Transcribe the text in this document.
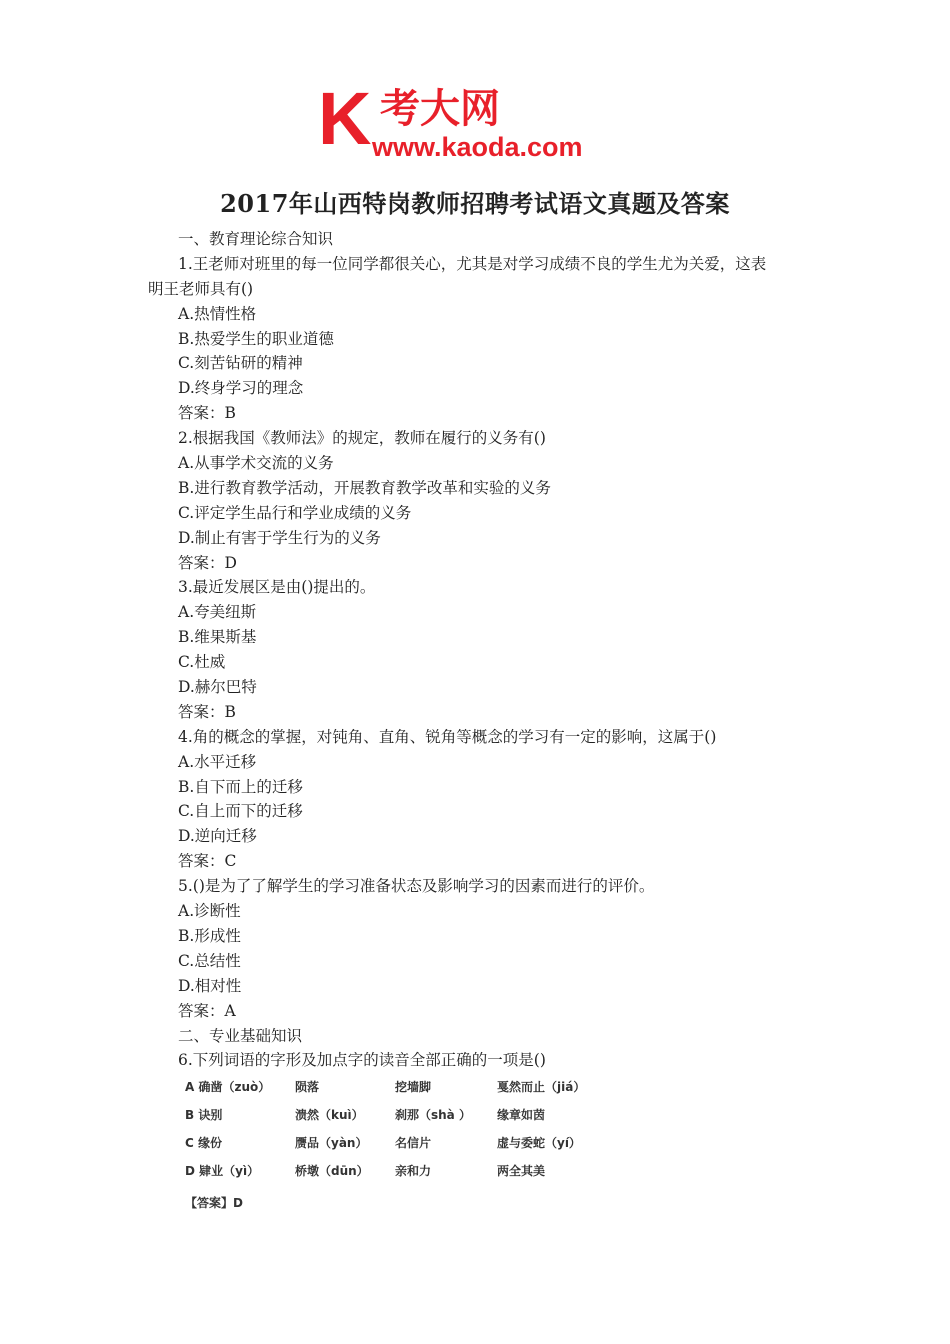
K 考大网
www.kaoda.com
2017年山西特岗教师招聘考试语文真题及答案
一、教育理论综合知识
1.王老师对班里的每一位同学都很关心，尤其是对学习成绩不良的学生尤为关爱，这表
明王老师具有()
A.热情性格
B.热爱学生的职业道德
C.刻苦钻研的精神
D.终身学习的理念
答案：B
2.根据我国《教师法》的规定，教师在履行的义务有()
A.从事学术交流的义务
B.进行教育教学活动，开展教育教学改革和实验的义务
C.评定学生品行和学业成绩的义务
D.制止有害于学生行为的义务
答案：D
3.最近发展区是由()提出的。
A.夸美纽斯
B.维果斯基
C.杜威
D.赫尔巴特
答案：B
4.角的概念的掌握，对钝角、直角、锐角等概念的学习有一定的影响，这属于()
A.水平迁移
B.自下而上的迁移
C.自上而下的迁移
D.逆向迁移
答案：C
5.()是为了了解学生的学习准备状态及影响学习的因素而进行的评价。
A.诊断性
B.形成性
C.总结性
D.相对性
答案：A
二、专业基础知识
6.下列词语的字形及加点字的读音全部正确的一项是()
A 确凿（zuò）	陨落	挖墙脚	戛然而止（jiá）
B 诀别	溃然（kuì）	刹那（shà ）	缘章如茵
C 缘份	赝品（yàn）	名信片	虚与委蛇（yí）
D 肄业（yì）	桥墩（dūn）	亲和力	两全其美
【答案】D
